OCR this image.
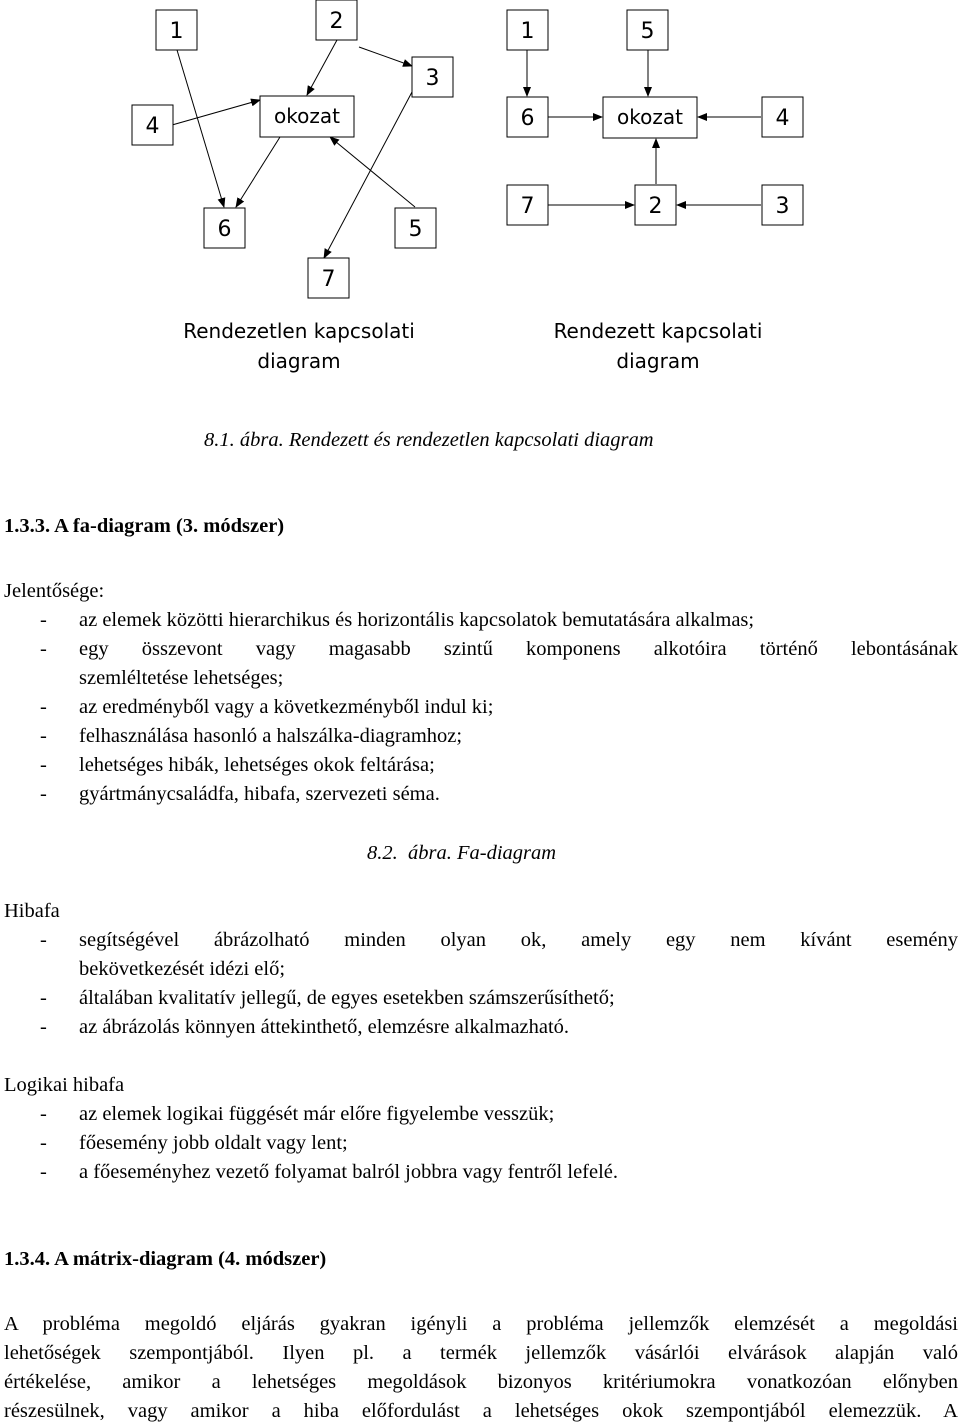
1	2
3
4	okozat
6	5
7
Rendezetlen kapcsolati
diagram
1	5
6	okozat	4
7	2	3
Rendezett kapcsolati
diagram
8.1. ábra. Rendezett és rendezetlen kapcsolati diagram
1.3.3. A fa-diagram (3. módszer)
Jelentősége:
- az elemek közötti hierarchikus és horizontális kapcsolatok bemutatására alkalmas;
- egy összevont vagy magasabb szintű komponens alkotóira történő lebontásának
szemléltetése lehetséges;
- az eredményből vagy a következményből indul ki;
- felhasználása hasonló a halszálka-diagramhoz;
- lehetséges hibák, lehetséges okok feltárása;
- gyártmánycsaládfa, hibafa, szervezeti séma.
8.2.  ábra. Fa-diagram
Hibafa
- segítségével ábrázolható minden olyan ok, amely egy nem kívánt esemény
bekövetkezését idézi elő;
- általában kvalitatív jellegű, de egyes esetekben számszerűsíthető;
- az ábrázolás könnyen áttekinthető, elemzésre alkalmazható.
Logikai hibafa
- az elemek logikai függését már előre figyelembe vesszük;
- főesemény jobb oldalt vagy lent;
- a főeseményhez vezető folyamat balról jobbra vagy fentről lefelé.
1.3.4. A mátrix-diagram (4. módszer)
A probléma megoldó eljárás gyakran igényli a probléma jellemzők elemzését a megoldási
lehetőségek szempontjából. Ilyen pl. a termék jellemzők vásárlói elvárások alapján való
értékelése, amikor a lehetséges megoldások bizonyos kritériumokra vonatkozóan előnyben
részesülnek, vagy amikor a hiba előfordulást a lehetséges okok szempontjából elemezzük. A
